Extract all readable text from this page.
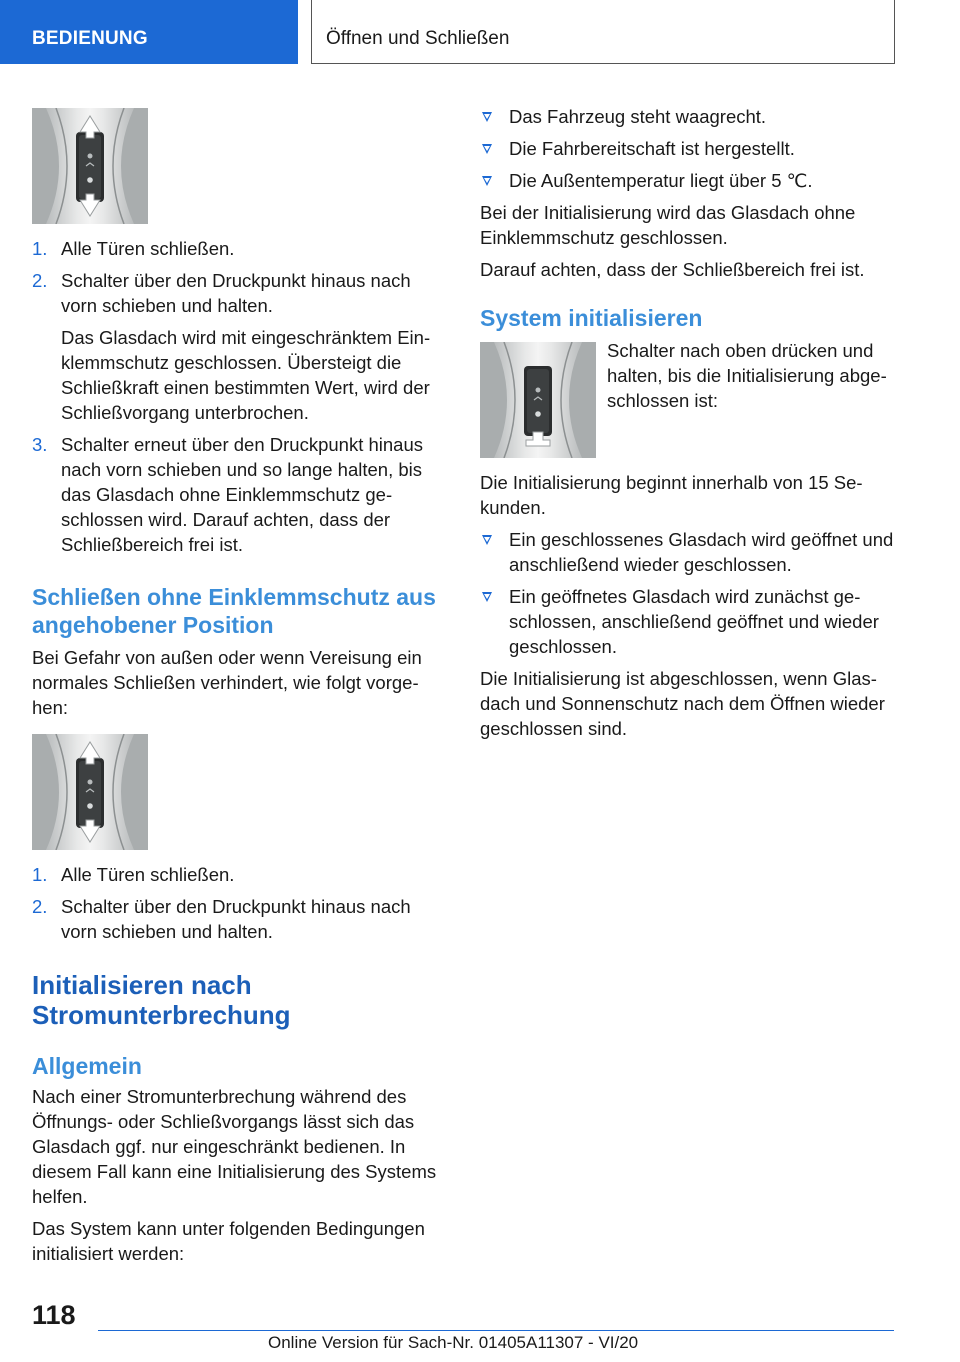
BEDIENUNG	Öffnen und Schließen
1. Alle Türen schließen.
2. Schalter über den Druckpunkt hinaus nach vorn schieben und halten.
Das Glasdach wird mit eingeschränktem Einklemmschutz geschlossen. Übersteigt die Schließkraft einen bestimmten Wert, wird der Schließvorgang unterbrochen.
3. Schalter erneut über den Druckpunkt hinaus nach vorn schieben und so lange halten, bis das Glasdach ohne Einklemmschutz geschlossen wird. Darauf achten, dass der Schließbereich frei ist.
Schließen ohne Einklemmschutz aus angehobener Position

Bei Gefahr von außen oder wenn Vereisung ein normales Schließen verhindert, wie folgt vorgehen:

1. Alle Türen schließen.
2. Schalter über den Druckpunkt hinaus nach vorn schieben und halten.
Initialisieren nach Stromunterbrechung
Allgemein

Nach einer Stromunterbrechung während des Öffnungs- oder Schließvorgangs lässt sich das Glasdach ggf. nur eingeschränkt bedienen. In diesem Fall kann eine Initialisierung des Systems helfen.

Das System kann unter folgenden Bedingungen initialisiert werden:

Das Fahrzeug steht waagrecht.
Die Fahrbereitschaft ist hergestellt.
Die Außentemperatur liegt über 5 ℃.

Bei der Initialisierung wird das Glasdach ohne Einklemmschutz geschlossen.

Darauf achten, dass der Schließbereich frei ist.

System initialisieren

Schalter nach oben drücken und halten, bis die Initialisierung abgeschlossen ist:

Die Initialisierung beginnt innerhalb von 15 Sekunden.

Ein geschlossenes Glasdach wird geöffnet und anschließend wieder geschlossen.
Ein geöffnetes Glasdach wird zunächst geschlossen, anschließend geöffnet und wieder geschlossen.

Die Initialisierung ist abgeschlossen, wenn Glasdach und Sonnenschutz nach dem Öffnen wieder geschlossen sind.

118
Online Version für Sach-Nr. 01405A11307 - VI/20
